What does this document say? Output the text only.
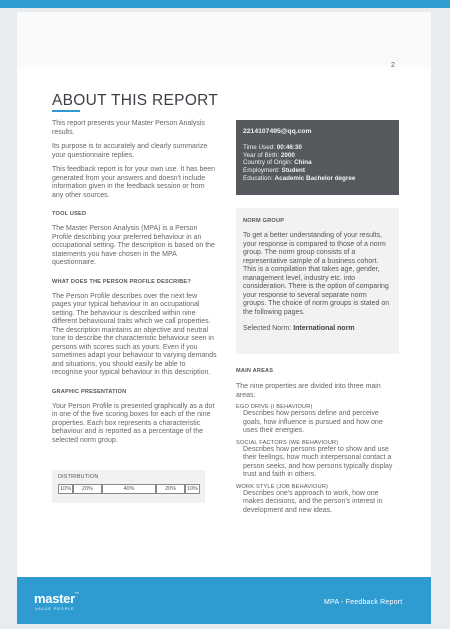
2
ABOUT THIS REPORT

This report presents your Master Person Analysis results.

Its purpose is to accurately and clearly summarize your questionnaire replies.

This feedback report is for your own use. It has been generated from your answers and doesn't include information given in the feedback session or from any other sources.

TOOL USED

The Master Person Analysis (MPA) is a Person Profile describing your preferred behaviour in an occupational setting. The description is based on the statements you have chosen in the MPA questionnaire.

WHAT DOES THE PERSON PROFILE DESCRIBE?

The Person Profile describes over the next few pages your typical behaviour in an occupational setting. The behaviour is described within nine different behavioural traits which we call properties. The description maintains an objective and neutral tone to describe the characteristic behaviour seen in persons with scores such as yours. Even if you sometimes adapt your behaviour to varying demands and situations, you should easily be able to recognise your typical behaviour in this description.

GRAPHIC PRESENTATION

Your Person Profile is presented graphically as a dot in one of the five scoring boxes for each of the nine properties. Each box represents a characteristic behaviour and is reported as a percentage of the selected norm group.

DISTRIBUTION
10%	20%	40%	20%	10%
2214107495@qq.com
Time Used: 00:46:30
Year of Birth: 2000
Country of Origin: China
Employment: Student
Education: Academic Bachelor degree
NORM GROUP

To get a better understanding of your results, your response is compared to those of a norm group. The norm group consists of a representative sample of a business cohort. This is a compilation that takes age, gender, management level, industry etc. into consideration. There is the option of comparing your response to several separate norm groups. The choice of norm groups is stated on the following pages.

Selected Norm: International norm

MAIN AREAS

The nine properties are divided into three main areas:

EGO DRIVE (I BEHAVIOUR)

Describes how persons define and perceive goals, how influence is pursued and how one uses their energies.

SOCIAL FACTORS (WE BEHAVIOUR)

Describes how persons prefer to show and use their feelings, how much interpersonal contact a person seeks, and how persons typically display trust and faith in others.

WORK STYLE (JOB BEHAVIOUR)

Describes one's approach to work, how one makes decisions, and the person's interest in development and new ideas.

master™
VALUE PEOPLE
MPA - Feedback Report
